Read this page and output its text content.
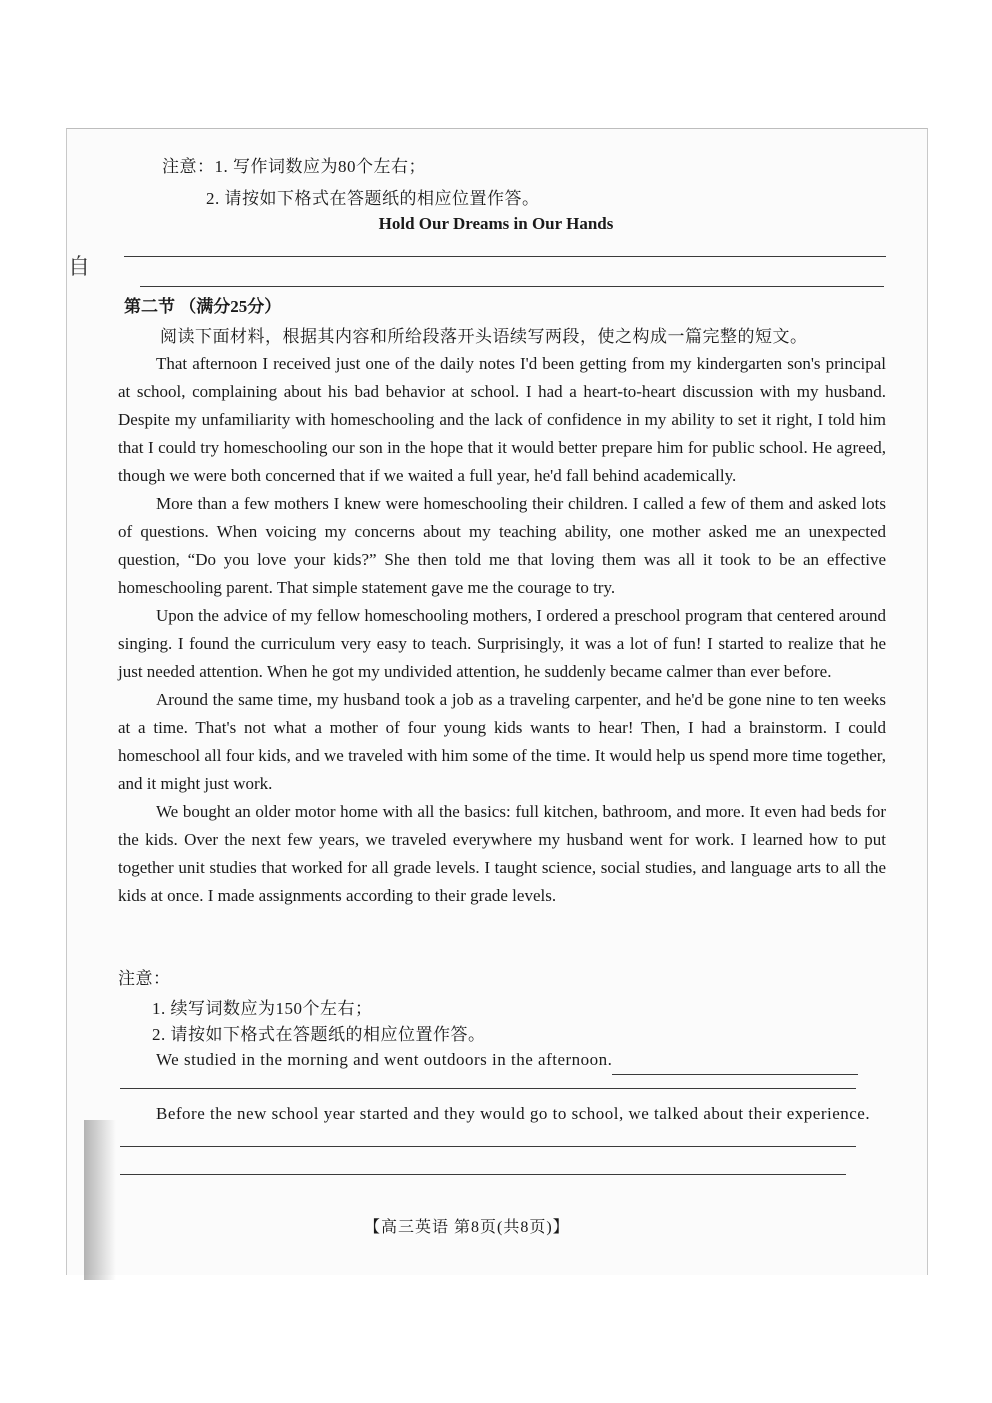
注意：1. 写作词数应为80个左右；
2. 请按如下格式在答题纸的相应位置作答。
Hold Our Dreams in Our Hands
自
第二节 （满分25分）
阅读下面材料，根据其内容和所给段落开头语续写两段，使之构成一篇完整的短文。

That afternoon I received just one of the daily notes I'd been getting from my kindergarten son's principal at school, complaining about his bad behavior at school. I had a heart-to-heart discussion with my husband. Despite my unfamiliarity with homeschooling and the lack of confidence in my ability to set it right, I told him that I could try homeschooling our son in the hope that it would better prepare him for public school. He agreed, though we were both concerned that if we waited a full year, he'd fall behind academically.

More than a few mothers I knew were homeschooling their children. I called a few of them and asked lots of questions. When voicing my concerns about my teaching ability, one mother asked me an unexpected question, “Do you love your kids?” She then told me that loving them was all it took to be an effective homeschooling parent. That simple statement gave me the courage to try.

Upon the advice of my fellow homeschooling mothers, I ordered a preschool program that centered around singing. I found the curriculum very easy to teach. Surprisingly, it was a lot of fun! I started to realize that he just needed attention. When he got my undivided attention, he suddenly became calmer than ever before.

Around the same time, my husband took a job as a traveling carpenter, and he'd be gone nine to ten weeks at a time. That's not what a mother of four young kids wants to hear! Then, I had a brainstorm. I could homeschool all four kids, and we traveled with him some of the time. It would help us spend more time together, and it might just work.

We bought an older motor home with all the basics: full kitchen, bathroom, and more. It even had beds for the kids. Over the next few years, we traveled everywhere my husband went for work. I learned how to put together unit studies that worked for all grade levels. I taught science, social studies, and language arts to all the kids at once. I made assignments according to their grade levels.

注意：
1. 续写词数应为150个左右；
2. 请按如下格式在答题纸的相应位置作答。
We studied in the morning and went outdoors in the afternoon.
Before the new school year started and they would go to school, we talked about their experience.
【高三英语 第8页(共8页)】
